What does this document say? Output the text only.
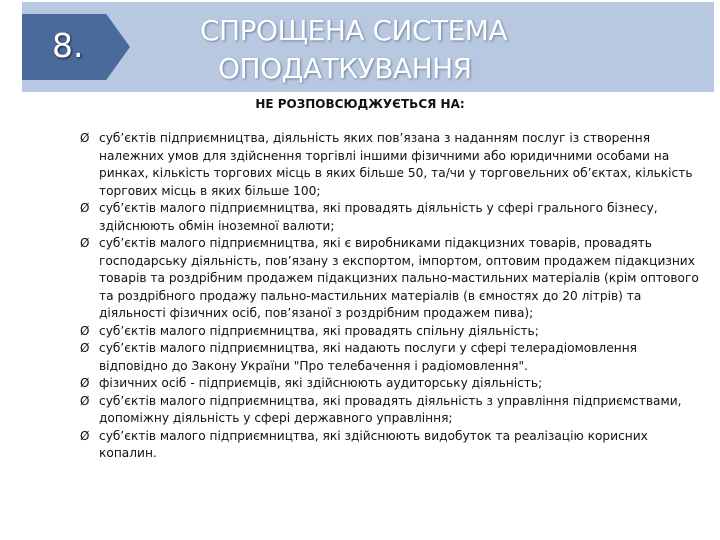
8.	СПРОЩЕНА СИСТЕМА
ОПОДАТКУВАННЯ
НЕ РОЗПОВСЮДЖУЄТЬСЯ НА:
Ø суб’єктів підприємництва, діяльність яких пов’язана з наданням послуг із створення належних умов для здійснення торгівлі іншими фізичними або юридичними особами на ринках, кількість торгових місць в яких більше 50, та/чи у торговельних об’єктах, кількість торгових місць в яких більше 100;
Ø суб’єктів малого підприємництва, які провадять діяльність у сфері грального бізнесу, здійснюють обмін іноземної валюти;
Ø суб’єктів малого підприємництва, які є виробниками підакцизних товарів, провадять господарську діяльність, пов’язану з експортом, імпортом, оптовим продажем підакцизних товарів та роздрібним продажем підакцизних пально-мастильних матеріалів (крім оптового та роздрібного продажу пально-мастильних матеріалів (в ємностях до 20 літрів) та діяльності фізичних осіб, пов’язаної з роздрібним продажем пива);
Ø суб’єктів малого підприємництва, які провадять спільну діяльність;
Ø суб’єктів малого підприємництва, які надають послуги у сфері телерадіомовлення відповідно до Закону України "Про телебачення і радіомовлення".
Ø фізичних осіб - підприємців, які здійснюють аудиторську діяльність;
Ø суб’єктів малого підприємництва, які провадять діяльність з управління підприємствами, допоміжну діяльність у сфері державного управління;
Ø суб’єктів малого підприємництва, які здійснюють видобуток та реалізацію корисних копалин.
